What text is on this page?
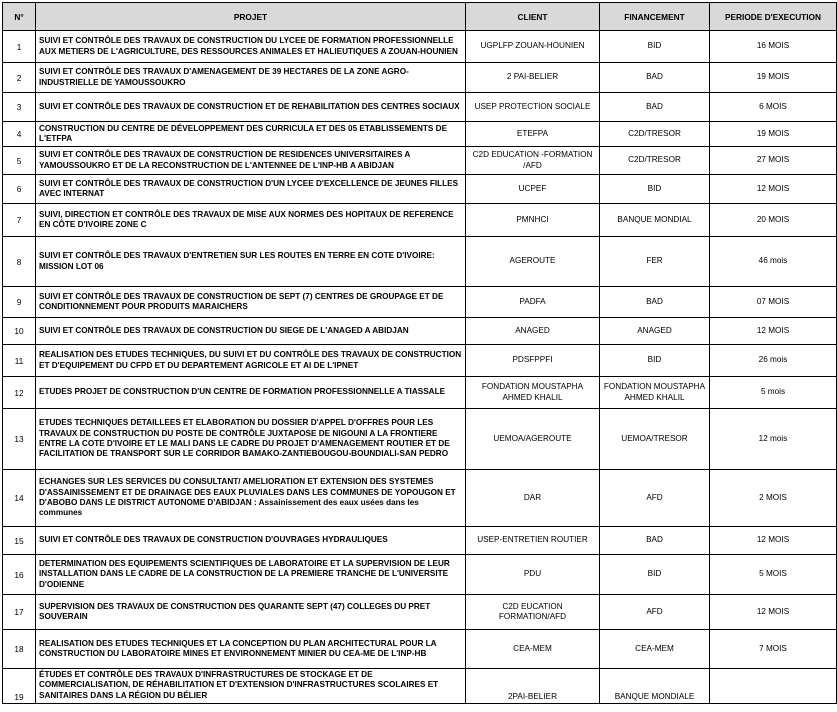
N°	PROJET	CLIENT	FINANCEMENT	PERIODE D'EXECUTION
1	SUIVI ET CONTRÔLE DES TRAVAUX DE CONSTRUCTION DU LYCEE DE FORMATION PROFESSIONNELLE AUX METIERS DE L'AGRICULTURE, DES RESSOURCES ANIMALES ET HALIEUTIQUES A ZOUAN-HOUNIEN	UGPLFP ZOUAN-HOUNIEN	BID	16 MOIS
2	SUIVI ET CONTRÔLE DES TRAVAUX D'AMENAGEMENT DE 39 HECTARES DE LA ZONE AGRO-INDUSTRIELLE DE YAMOUSSOUKRO	2 PAI-BELIER	BAD	19 MOIS
3	SUIVI ET CONTRÔLE DES TRAVAUX DE CONSTRUCTION ET DE REHABILITATION DES CENTRES SOCIAUX	USEP PROTECTION SOCIALE	BAD	6 MOIS
4	CONSTRUCTION DU CENTRE DE DÉVELOPPEMENT DES CURRICULA ET DES 05 ETABLISSEMENTS DE L'ETFPA	ETEFPA	C2D/TRESOR	19 MOIS
5	SUIVI ET CONTRÔLE DES TRAVAUX DE CONSTRUCTION DE RESIDENCES UNIVERSITAIRES A YAMOUSSOUKRO ET DE LA RECONSTRUCTION DE L'ANTENNEE DE L'INP-HB A ABIDJAN	C2D EDUCATION -FORMATION /AFD	C2D/TRESOR	27 MOIS
6	SUIVI ET CONTRÔLE DES TRAVAUX DE CONSTRUCTION D'UN LYCEE D'EXCELLENCE DE JEUNES FILLES AVEC INTERNAT	UCPEF	BID	12 MOIS
7	SUIVI, DIRECTION ET CONTRÔLE DES TRAVAUX DE MISE AUX NORMES DES HOPITAUX DE REFERENCE EN CÔTE D'IVOIRE ZONE C	PMNHCI	BANQUE MONDIAL	20 MOIS
8	SUIVI ET CONTRÔLE DES TRAVAUX D'ENTRETIEN SUR LES ROUTES EN TERRE EN COTE D'IVOIRE: MISSION LOT 06	AGEROUTE	FER	46 mois
9	SUIVI ET CONTRÔLE DES TRAVAUX DE CONSTRUCTION DE SEPT (7) CENTRES DE GROUPAGE ET DE CONDITIONNEMENT POUR PRODUITS MARAICHERS	PADFA	BAD	07 MOIS
10	SUIVI ET CONTRÔLE DES TRAVAUX DE CONSTRUCTION DU SIEGE DE L'ANAGED A ABIDJAN	ANAGED	ANAGED	12 MOIS
11	REALISATION DES ETUDES TECHNIQUES, DU SUIVI ET DU CONTRÔLE DES TRAVAUX DE CONSTRUCTION ET D'EQUIPEMENT DU CFPD ET DU DEPARTEMENT AGRICOLE ET AI DE L'IPNET	PDSFPPFI	BID	26 mois
12	ETUDES PROJET DE CONSTRUCTION D'UN CENTRE DE FORMATION PROFESSIONNELLE A TIASSALE	FONDATION MOUSTAPHA AHMED KHALIL	FONDATION MOUSTAPHA AHMED KHALIL	5 mois
13	ETUDES TECHNIQUES DETAILLEES ET ELABORATION DU DOSSIER D'APPEL D'OFFRES POUR LES TRAVAUX DE CONSTRUCTION DU POSTE DE CONTRÔLE JUXTAPOSE DE NIGOUNI A LA FRONTIERE ENTRE LA COTE D'IVOIRE ET LE MALI DANS LE CADRE DU PROJET D'AMENAGEMENT ROUTIER ET DE FACILITATION DE TRANSPORT SUR LE CORRIDOR BAMAKO-ZANTIEBOUGOU-BOUNDIALI-SAN PEDRO	UEMOA/AGEROUTE	UEMOA/TRESOR	12 mois
14	ECHANGES SUR LES SERVICES DU CONSULTANT/ AMELIORATION ET EXTENSION DES SYSTEMES D'ASSAINISSEMENT ET DE DRAINAGE DES EAUX PLUVIALES DANS LES COMMUNES DE YOPOUGON ET D'ABOBO DANS LE DISTRICT AUTONOME D'ABIDJAN : Assainissement des eaux usées dans les communes	DAR	AFD	2 MOIS
15	SUIVI ET CONTRÔLE DES TRAVAUX DE CONSTRUCTION D'OUVRAGES HYDRAULIQUES	USEP-ENTRETIEN ROUTIER	BAD	12 MOIS
16	DETERMINATION DES EQUIPEMENTS SCIENTIFIQUES DE LABORATOIRE ET LA SUPERVISION DE LEUR INSTALLATION DANS LE CADRE DE LA CONSTRUCTION DE LA PREMIERE TRANCHE DE L'UNIVERSITE D'ODIENNE	PDU	BID	5 MOIS
17	SUPERVISION DES TRAVAUX DE CONSTRUCTION DES QUARANTE SEPT (47) COLLEGES DU PRET SOUVERAIN	C2D EUCATION FORMATION/AFD	AFD	12 MOIS
18	REALISATION DES ETUDES TECHNIQUES ET LA CONCEPTION DU PLAN ARCHITECTURAL POUR LA CONSTRUCTION DU LABORATOIRE MINES ET ENVIRONNEMENT MINIER DU CEA-ME DE L'INP-HB	CEA-MEM	CEA-MEM	7 MOIS
19	ÉTUDES ET CONTRÔLE DES TRAVAUX D'INFRASTRUCTURES DE STOCKAGE ET DE COMMERCIALISATION, DE RÉHABILITATION ET D'EXTENSION D'INFRASTRUCTURES SCOLAIRES ET SANITAIRES DANS LA RÉGION DU BÉLIER	2PAI-BELIER	BANQUE MONDIALE	
